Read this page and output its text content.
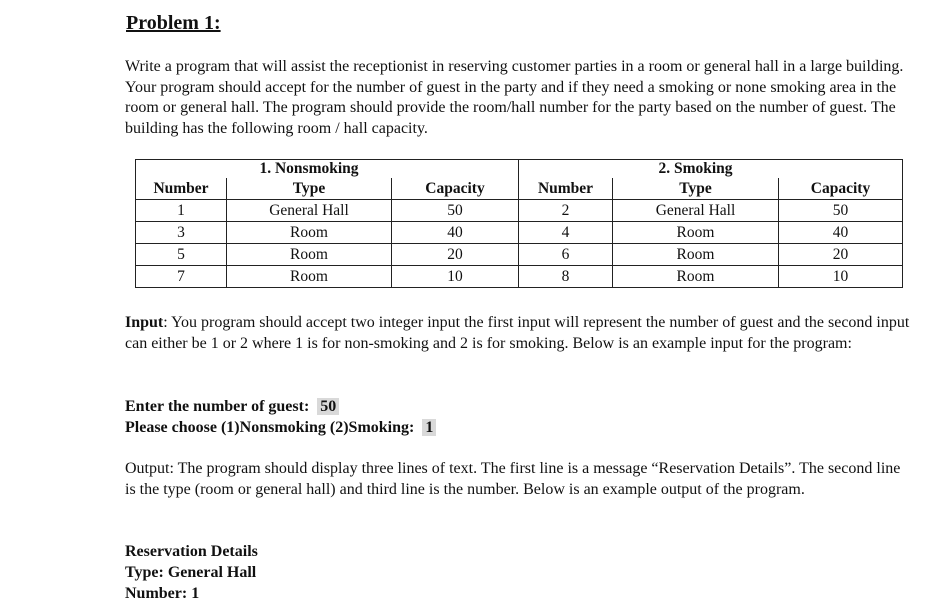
Problem 1:

Write a program that will assist the receptionist in reserving customer parties in a room or general hall in a large building. Your program should accept for the number of guest in the party and if they need a smoking or none smoking area in the room or general hall. The program should provide the room/hall number for the party based on the number of guest. The building has the following room / hall capacity.

	1. Nonsmoking			2. Smoking	
Number	Type	Capacity	Number	Type	Capacity
1	General Hall	50	2	General Hall	50
3	Room	40	4	Room	40
5	Room	20	6	Room	20
7	Room	10	8	Room	10

Input: You program should accept two integer input the first input will represent the number of guest and the second input can either be 1 or 2 where 1 is for non-smoking and 2 is for smoking. Below is an example input for the program:

Enter the number of guest: 50
Please choose (1)Nonsmoking (2)Smoking: 1

Output: The program should display three lines of text. The first line is a message “Reservation Details”. The second line is the type (room or general hall) and third line is the number. Below is an example output of the program.

Reservation Details
Type: General Hall
Number: 1
